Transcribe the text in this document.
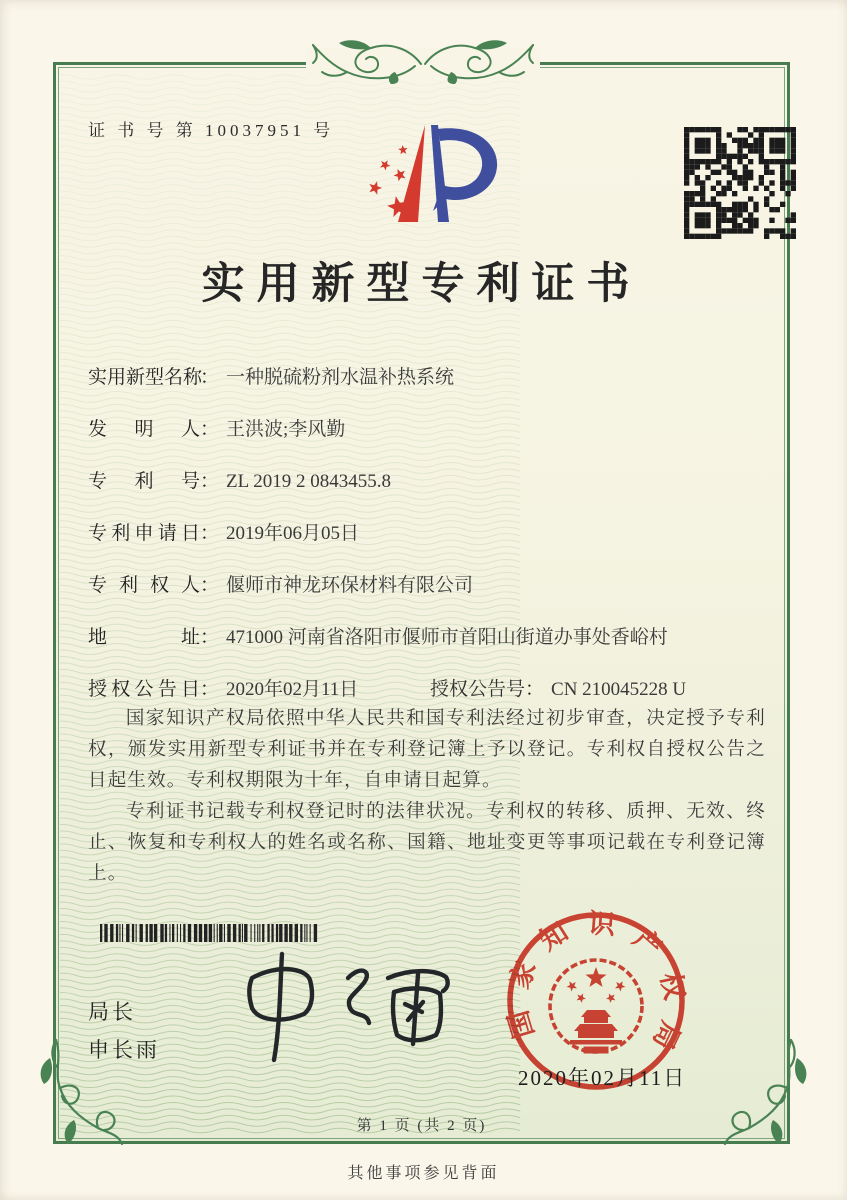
证 书 号 第 10037951 号
实用新型专利证书
实用新型名称： 一种脱硫粉剂水温补热系统
发明人： 王洪波;李风勤
专利号： ZL 2019 2 0843455.8
专利申请日： 2019年06月05日
专利权人： 偃师市神龙环保材料有限公司
地址： 471000 河南省洛阳市偃师市首阳山街道办事处香峪村
授权公告日： 2020年02月11日	授权公告号： CN 210045228 U

国家知识产权局依照中华人民共和国专利法经过初步审查，决定授予专利权，颁发实用新型专利证书并在专利登记簿上予以登记。专利权自授权公告之日起生效。专利权期限为十年，自申请日起算。

专利证书记载专利权登记时的法律状况。专利权的转移、质押、无效、终止、恢复和专利权人的姓名或名称、国籍、地址变更等事项记载在专利登记簿上。

局长
申长雨
国家知识产权局
2020年02月11日
第 1 页 (共 2 页)
其他事项参见背面
